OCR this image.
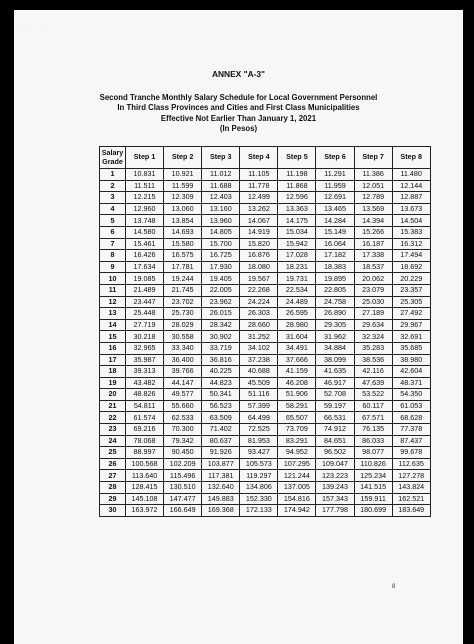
· · ·
ANNEX "A-3"
Second Tranche Monthly Salary Schedule for Local Government Personnel
In Third Class Provinces and Cities and First Class Municipalities
Effective Not Earlier Than January 1, 2021
(In Pesos)
Salary
Grade	Step 1	Step 2	Step 3	Step 4	Step 5	Step 6	Step 7	Step 8
1	10.831	10.921	11.012	11.105	11.198	11.291	11.386	11.480
2	11.511	11.599	11.688	11.778	11.868	11.959	12.051	12.144
3	12.215	12.309	12.403	12.499	12.596	12.691	12.789	12.887
4	12.960	13.060	13.160	13.262	13.363	13.465	13.569	13.673
5	13.748	13.854	13.960	14.067	14.175	14.284	14.394	14.504
6	14.580	14.693	14.805	14.919	15.034	15.149	15.266	15.383
7	15.461	15.580	15.700	15.820	15.942	16.064	16.187	16.312
8	16.426	16.575	16.725	16.876	17.028	17.182	17.338	17.494
9	17.634	17.781	17.930	18.080	18.231	18.383	18.537	18.692
10	19.085	19.244	19.405	19.567	19.731	19.895	20.062	20.229
11	21.489	21.745	22.005	22.268	22.534	22.805	23.079	23.357
12	23.447	23.702	23.962	24.224	24.489	24.758	25.030	25.305
13	25.448	25.730	26.015	26.303	26.595	26.890	27.189	27.492
14	27.719	28.029	28.342	28.660	28.980	29.305	29.634	29.967
15	30.218	30.558	30.902	31.252	31.604	31.962	32.324	32.691
16	32.965	33.340	33.719	34.102	34.491	34.884	35.283	35.685
17	35.987	36.400	36.816	37.238	37.666	38.099	38.536	38.980
18	39.313	39.766	40.225	40.688	41.159	41.635	42.116	42.604
19	43.482	44.147	44.823	45.509	46.208	46.917	47.639	48.371
20	48.826	49.577	50.341	51.116	51.906	52.708	53.522	54.350
21	54.811	55.660	56.523	57.399	58.291	59.197	60.117	61.053
22	61.574	62.533	63.509	64.499	65.507	66.531	67.571	68.628
23	69.216	70.300	71.402	72.525	73.709	74.912	76.135	77.378
24	78.068	79.342	80.637	81.953	83.291	84.651	86.033	87.437
25	88.997	90.450	91.926	93.427	94.952	96.502	98.077	99.678
26	100.568	102.209	103.877	105.573	107.295	109.047	110.826	112.635
27	113.640	115.496	117.381	119.297	121.244	123.223	125.234	127.278
28	128.415	130.510	132.640	134.806	137.005	139.243	141.515	143.824
29	145.108	147.477	149.883	152.330	154.816	157.343	159.911	162.521
30	163.972	166.649	169.368	172.133	174.942	177.798	180.699	183.649
8
